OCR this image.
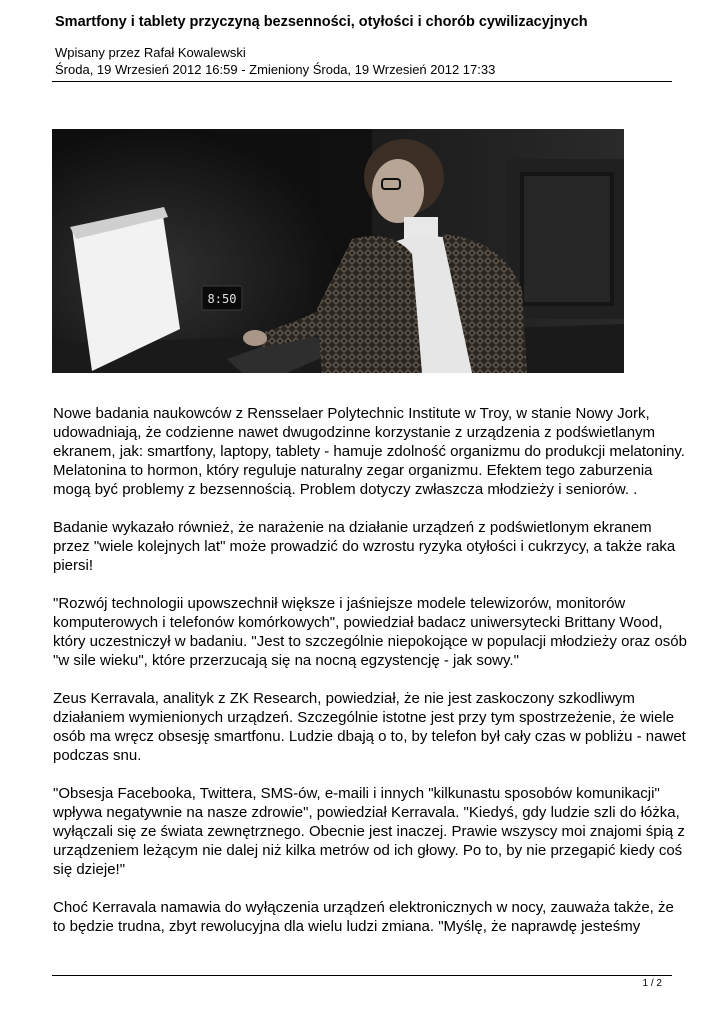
Smartfony i tablety przyczyną bezsenności, otyłości i chorób cywilizacyjnych
Wpisany przez Rafał Kowalewski
Środa, 19 Wrzesień 2012 16:59 - Zmieniony Środa, 19 Wrzesień 2012 17:33
8:50

Nowe badania naukowców z Rensselaer Polytechnic Institute w Troy, w stanie Nowy Jork,
udowadniają, że codzienne nawet dwugodzinne korzystanie z urządzenia z podświetlanym
ekranem, jak: smartfony, laptopy, tablety - hamuje zdolność organizmu do produkcji melatoniny.
Melatonina to hormon, który reguluje naturalny zegar organizmu. Efektem tego zaburzenia
mogą być problemy z bezsennością. Problem dotyczy zwłaszcza młodzieży i seniorów. .

Badanie wykazało również, że narażenie na działanie urządzeń z podświetlonym ekranem
przez "wiele kolejnych lat" może prowadzić do wzrostu ryzyka otyłości i cukrzycy, a także raka
piersi!

"Rozwój technologii upowszechnił większe i jaśniejsze modele telewizorów, monitorów
komputerowych i telefonów komórkowych", powiedział badacz uniwersytecki Brittany Wood,
który uczestniczył w badaniu. "Jest to szczególnie niepokojące w populacji młodzieży oraz osób
"w sile wieku", które przerzucają się na nocną egzystencję - jak sowy."

Zeus Kerravala, analityk z ZK Research, powiedział, że nie jest zaskoczony szkodliwym
działaniem wymienionych urządzeń. Szczególnie istotne jest przy tym spostrzeżenie, że wiele
osób ma wręcz obsesję smartfonu. Ludzie dbają o to, by telefon był cały czas w pobliżu - nawet
podczas snu.

"Obsesja Facebooka, Twittera, SMS-ów, e-maili i innych "kilkunastu sposobów komunikacji"
wpływa negatywnie na nasze zdrowie", powiedział Kerravala. "Kiedyś, gdy ludzie szli do łóżka,
wyłączali się ze świata zewnętrznego. Obecnie jest inaczej. Prawie wszyscy moi znajomi śpią z
urządzeniem leżącym nie dalej niż kilka metrów od ich głowy. Po to, by nie przegapić kiedy coś
się dzieje!"

Choć Kerravala namawia do wyłączenia urządzeń elektronicznych w nocy, zauważa także, że
to będzie trudna, zbyt rewolucyjna dla wielu ludzi zmiana. "Myślę, że naprawdę jesteśmy

1 / 2
